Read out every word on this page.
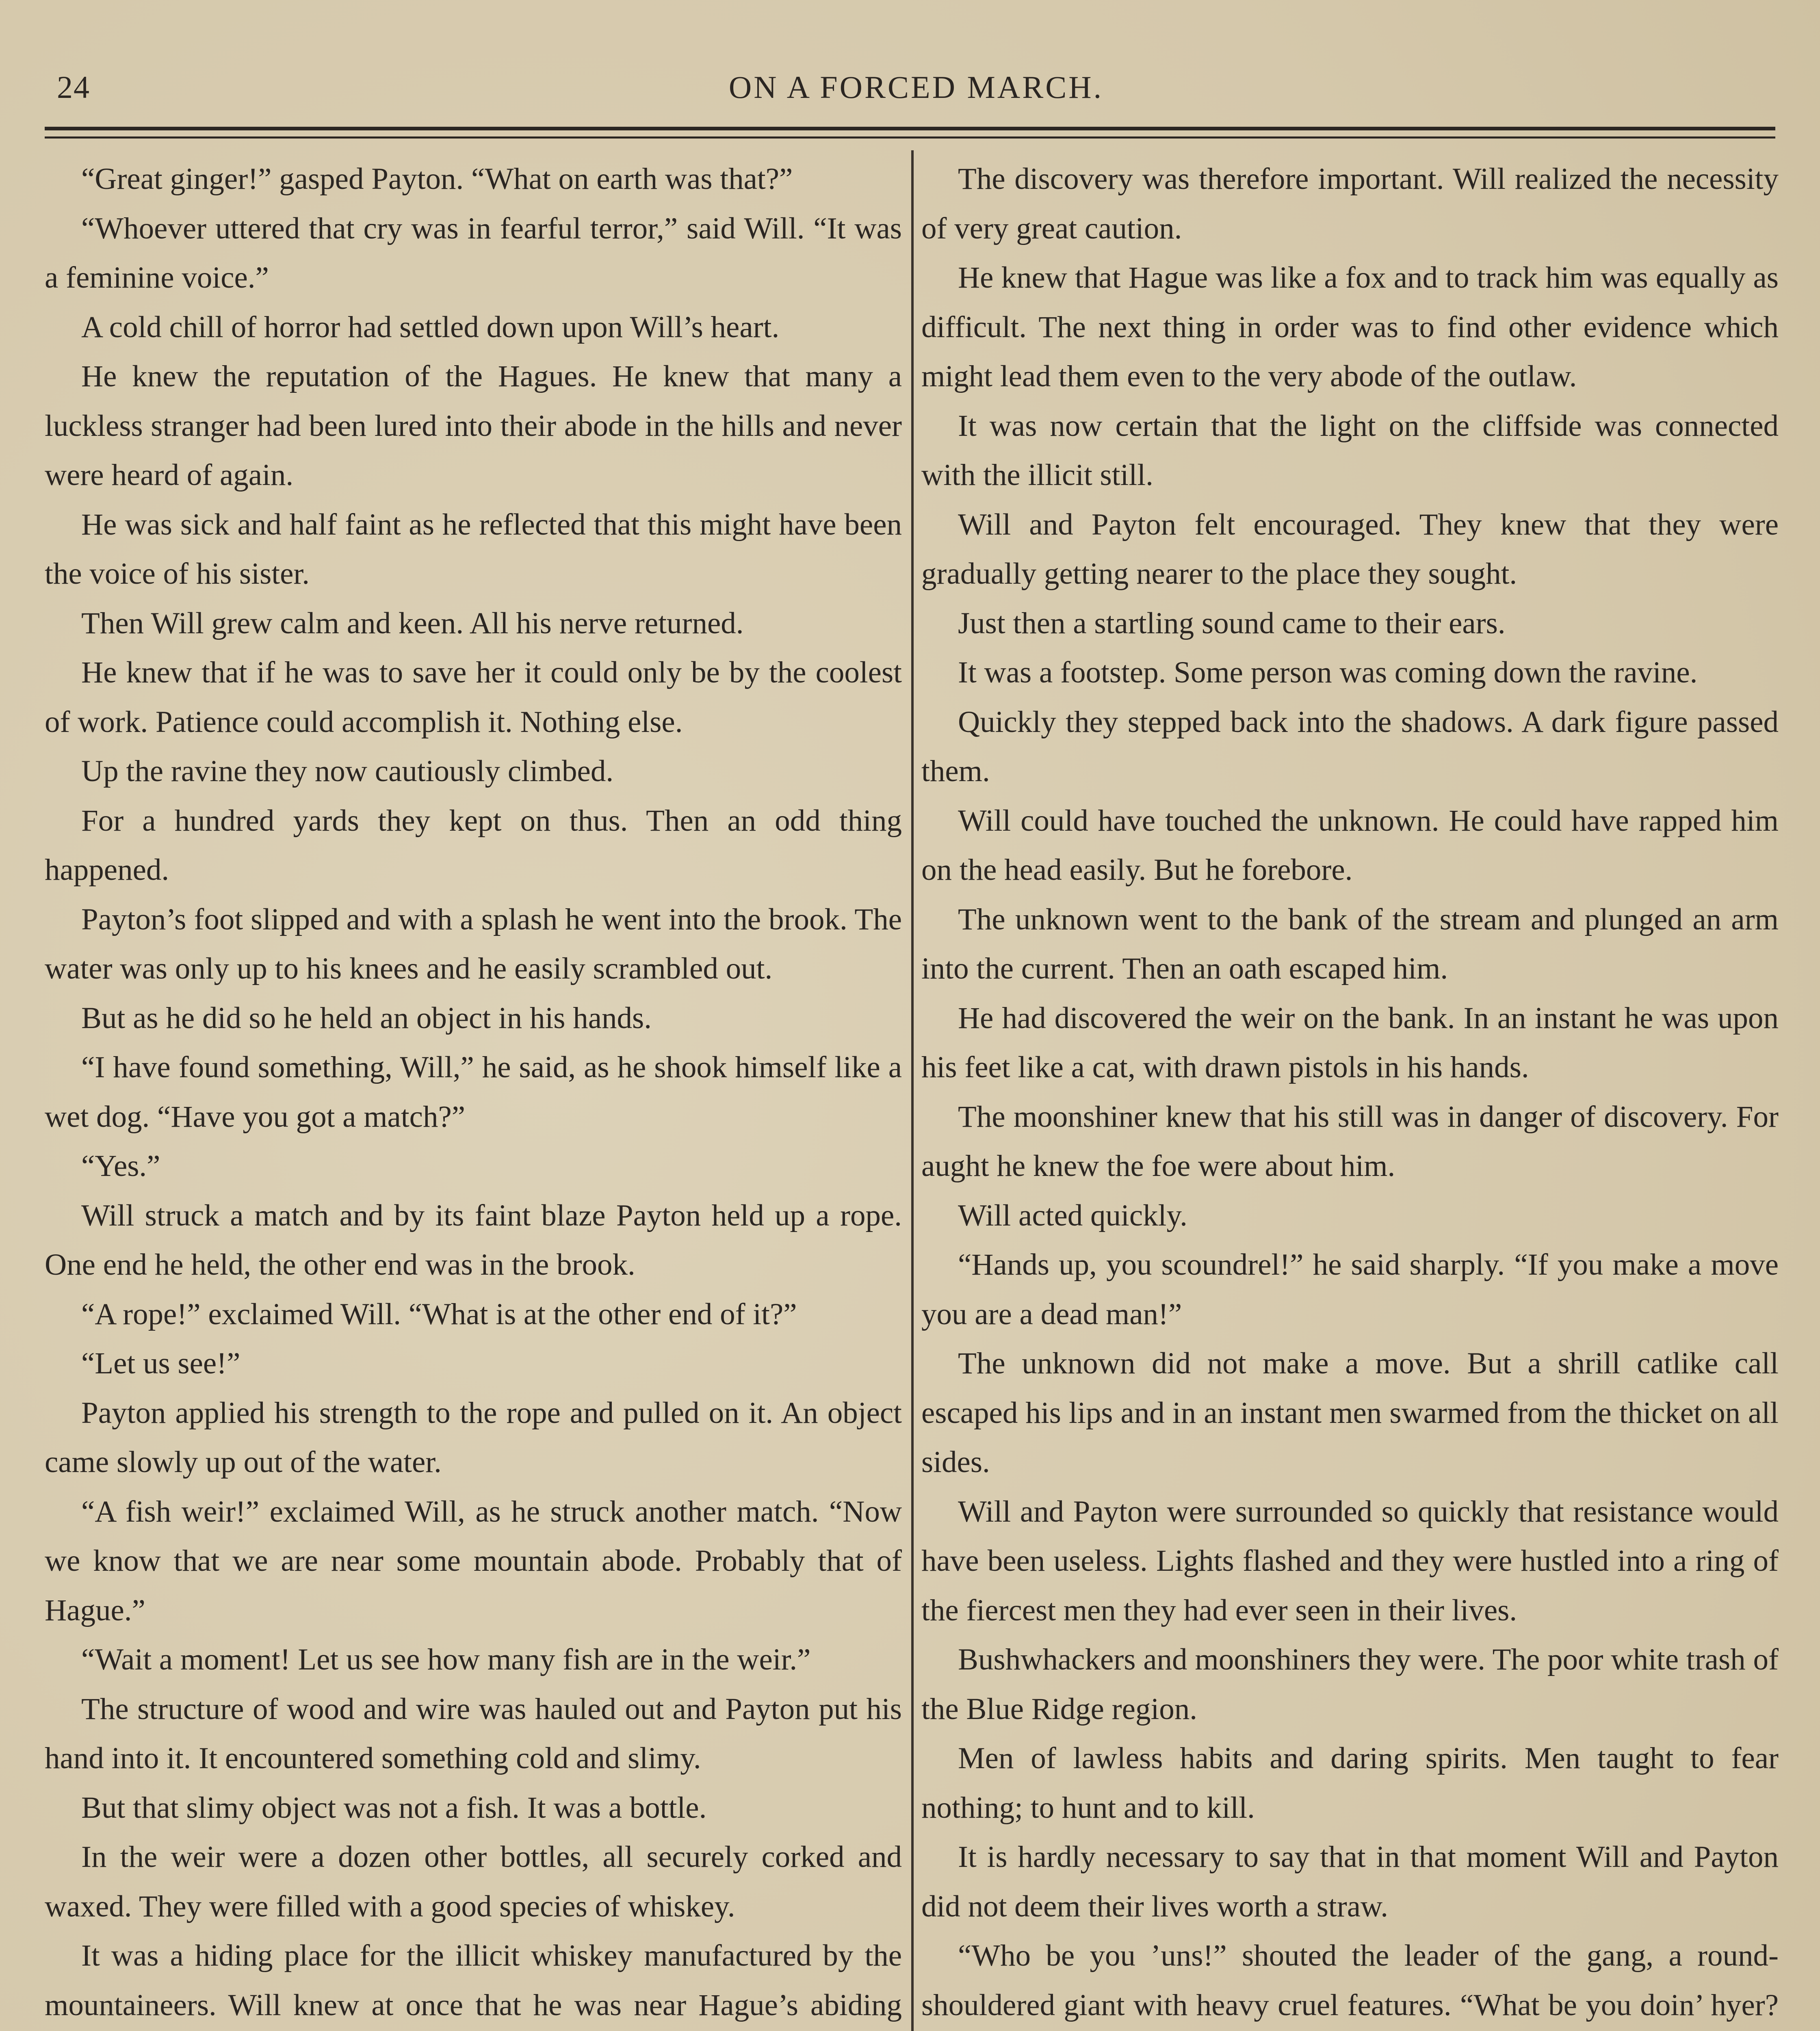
24	ON A FORCED MARCH.

“Great ginger!” gasped Payton. “What on earth was that?”

“Whoever uttered that cry was in fearful terror,” said Will. “It was a feminine voice.”

A cold chill of horror had settled down upon Will’s heart.

He knew the reputation of the Hagues. He knew that many a luckless stranger had been lured into their abode in the hills and never were heard of again.

He was sick and half faint as he reflected that this might have been the voice of his sister.

Then Will grew calm and keen. All his nerve returned.

He knew that if he was to save her it could only be by the coolest of work. Patience could accomplish it. Nothing else.

Up the ravine they now cautiously climbed.

For a hundred yards they kept on thus. Then an odd thing happened.

Payton’s foot slipped and with a splash he went into the brook. The water was only up to his knees and he easily scrambled out.

But as he did so he held an object in his hands.

“I have found something, Will,” he said, as he shook himself like a wet dog. “Have you got a match?”

“Yes.”

Will struck a match and by its faint blaze Payton held up a rope. One end he held, the other end was in the brook.

“A rope!” exclaimed Will. “What is at the other end of it?”

“Let us see!”

Payton applied his strength to the rope and pulled on it. An object came slowly up out of the water.

“A fish weir!” exclaimed Will, as he struck another match. “Now we know that we are near some mountain abode. Probably that of Hague.”

“Wait a moment! Let us see how many fish are in the weir.”

The structure of wood and wire was hauled out and Payton put his hand into it. It encountered something cold and slimy.

But that slimy object was not a fish. It was a bottle.

In the weir were a dozen other bottles, all securely corked and waxed. They were filled with a good species of whiskey.

It was a hiding place for the illicit whiskey manufactured by the mountaineers. Will knew at once that he was near Hague’s abiding

The discovery was therefore important. Will realized the necessity of very great caution.

He knew that Hague was like a fox and to track him was equally as difficult. The next thing in order was to find other evidence which might lead them even to the very abode of the outlaw.

It was now certain that the light on the cliffside was connected with the illicit still.

Will and Payton felt encouraged. They knew that they were gradually getting nearer to the place they sought.

Just then a startling sound came to their ears.

It was a footstep. Some person was coming down the ravine.

Quickly they stepped back into the shadows. A dark figure passed them.

Will could have touched the unknown. He could have rapped him on the head easily. But he forebore.

The unknown went to the bank of the stream and plunged an arm into the current. Then an oath escaped him.

He had discovered the weir on the bank. In an instant he was upon his feet like a cat, with drawn pistols in his hands.

The moonshiner knew that his still was in danger of discovery. For aught he knew the foe were about him.

Will acted quickly.

“Hands up, you scoundrel!” he said sharply. “If you make a move you are a dead man!”

The unknown did not make a move. But a shrill catlike call escaped his lips and in an instant men swarmed from the thicket on all sides.

Will and Payton were surrounded so quickly that resistance would have been useless. Lights flashed and they were hustled into a ring of the fiercest men they had ever seen in their lives.

Bushwhackers and moonshiners they were. The poor white trash of the Blue Ridge region.

Men of lawless habits and daring spirits. Men taught to fear nothing; to hunt and to kill.

It is hardly necessary to say that in that moment Will and Payton did not deem their lives worth a straw.

“Who be you ’uns!” shouted the leader of the gang, a round-shouldered giant with heavy cruel features. “What be you doin’ hyer?
